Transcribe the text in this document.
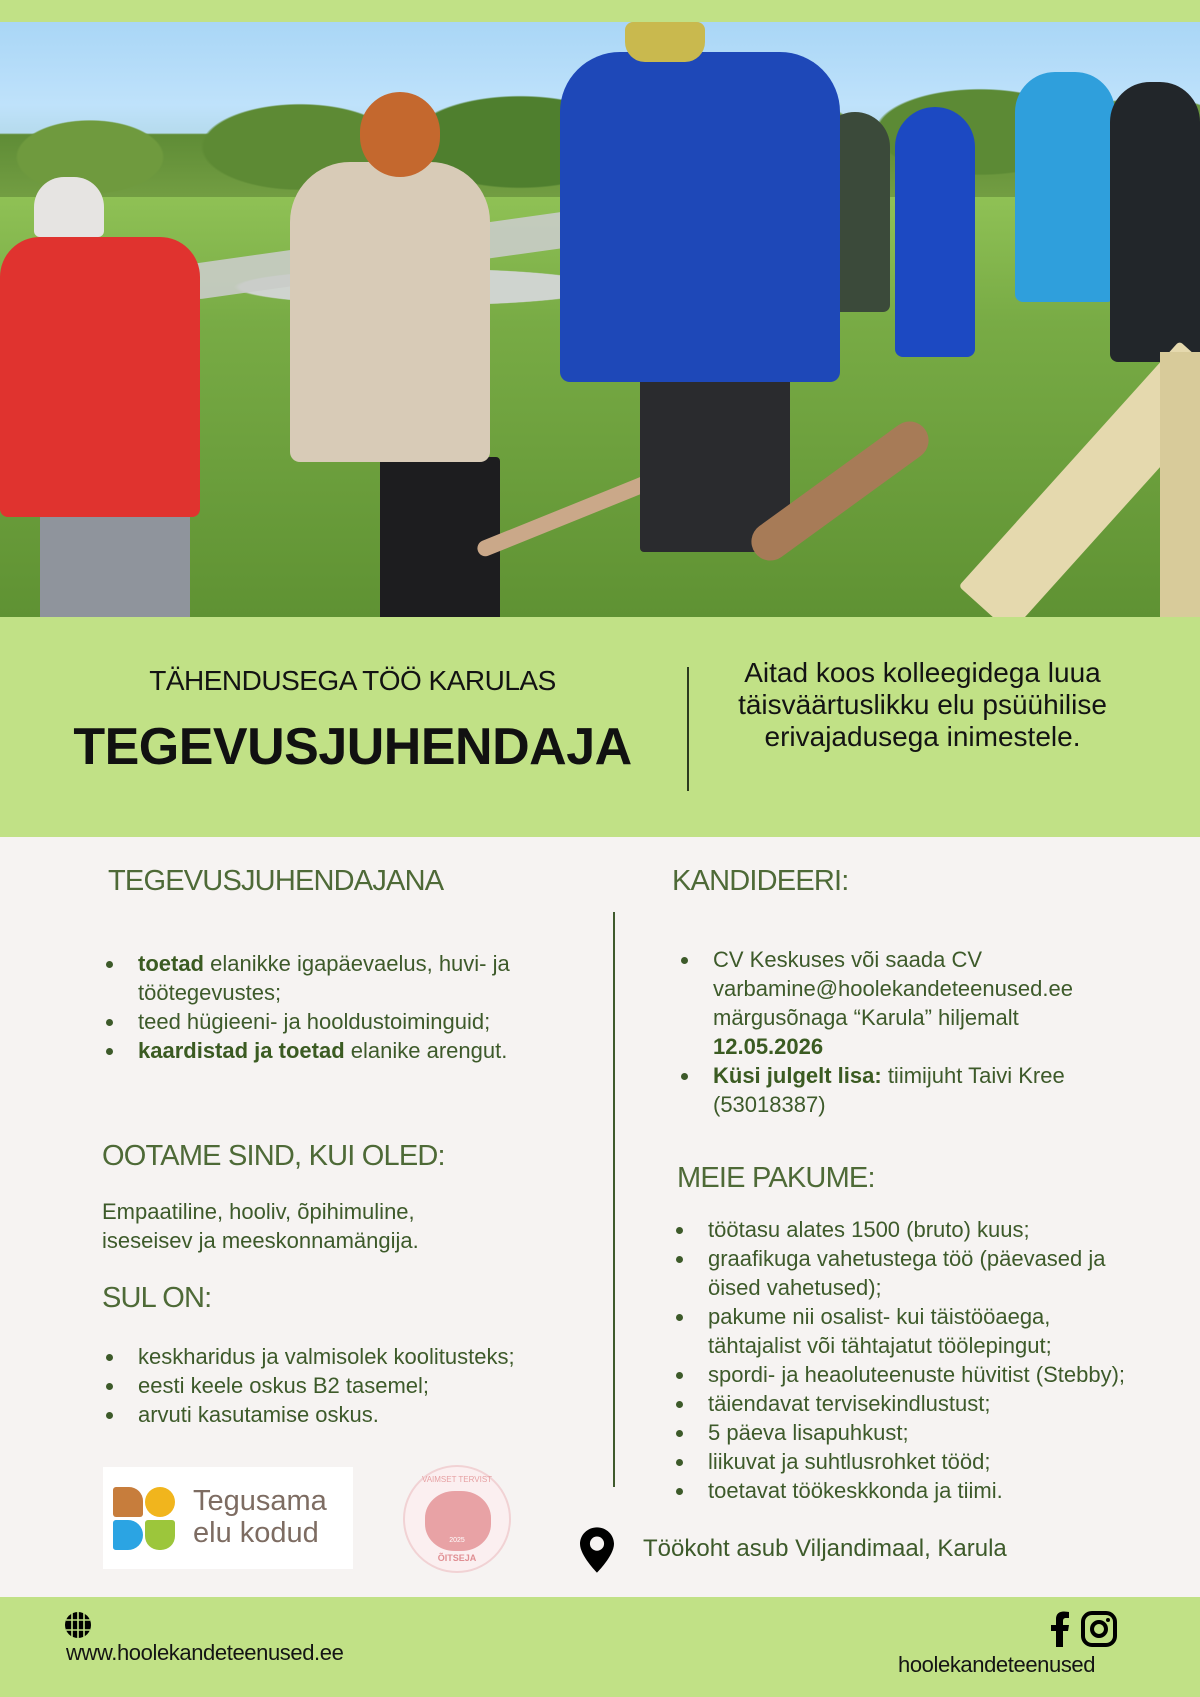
TÄHENDUSEGA TÖÖ KARULAS
TEGEVUSJUHENDAJA
Aitad koos kolleegidega luua täisväärtuslikku elu psüühilise erivajadusega inimestele.
TEGEVUSJUHENDAJANA
toetad elanikke igapäevaelus, huvi- ja töötegevustes;
teed hügieeni- ja hooldustoiminguid;
kaardistad ja toetad elanike arengut.
OOTAME SIND, KUI OLED:
Empaatiline, hooliv, õpihimuline, iseseisev ja meeskonnamängija.
SUL ON:
keskharidus ja valmisolek koolitusteks;
eesti keele oskus B2 tasemel;
arvuti kasutamise oskus.
Tegusama
elu kodud
VAIMSET TERVIST
2025
ÕITSEJA
KANDIDEERI:
CV Keskuses või saada CV varbamine@hoolekandeteenused.ee märgusõnaga “Karula” hiljemalt 12.05.2026
Küsi julgelt lisa: tiimijuht Taivi Kree (53018387)
MEIE PAKUME:
töötasu alates 1500 (bruto) kuus;
graafikuga vahetustega töö (päevased ja öised vahetused);
pakume nii osalist- kui täistööaega, tähtajalist või tähtajatut töölepingut;
spordi- ja heaoluteenuste hüvitist (Stebby);
täiendavat tervisekindlustust;
5 päeva lisapuhkust;
liikuvat ja suhtlusrohket tööd;
toetavat töökeskkonda ja tiimi.
Töökoht asub Viljandimaal, Karula
www.hoolekandeteenused.ee	hoolekandeteenused
